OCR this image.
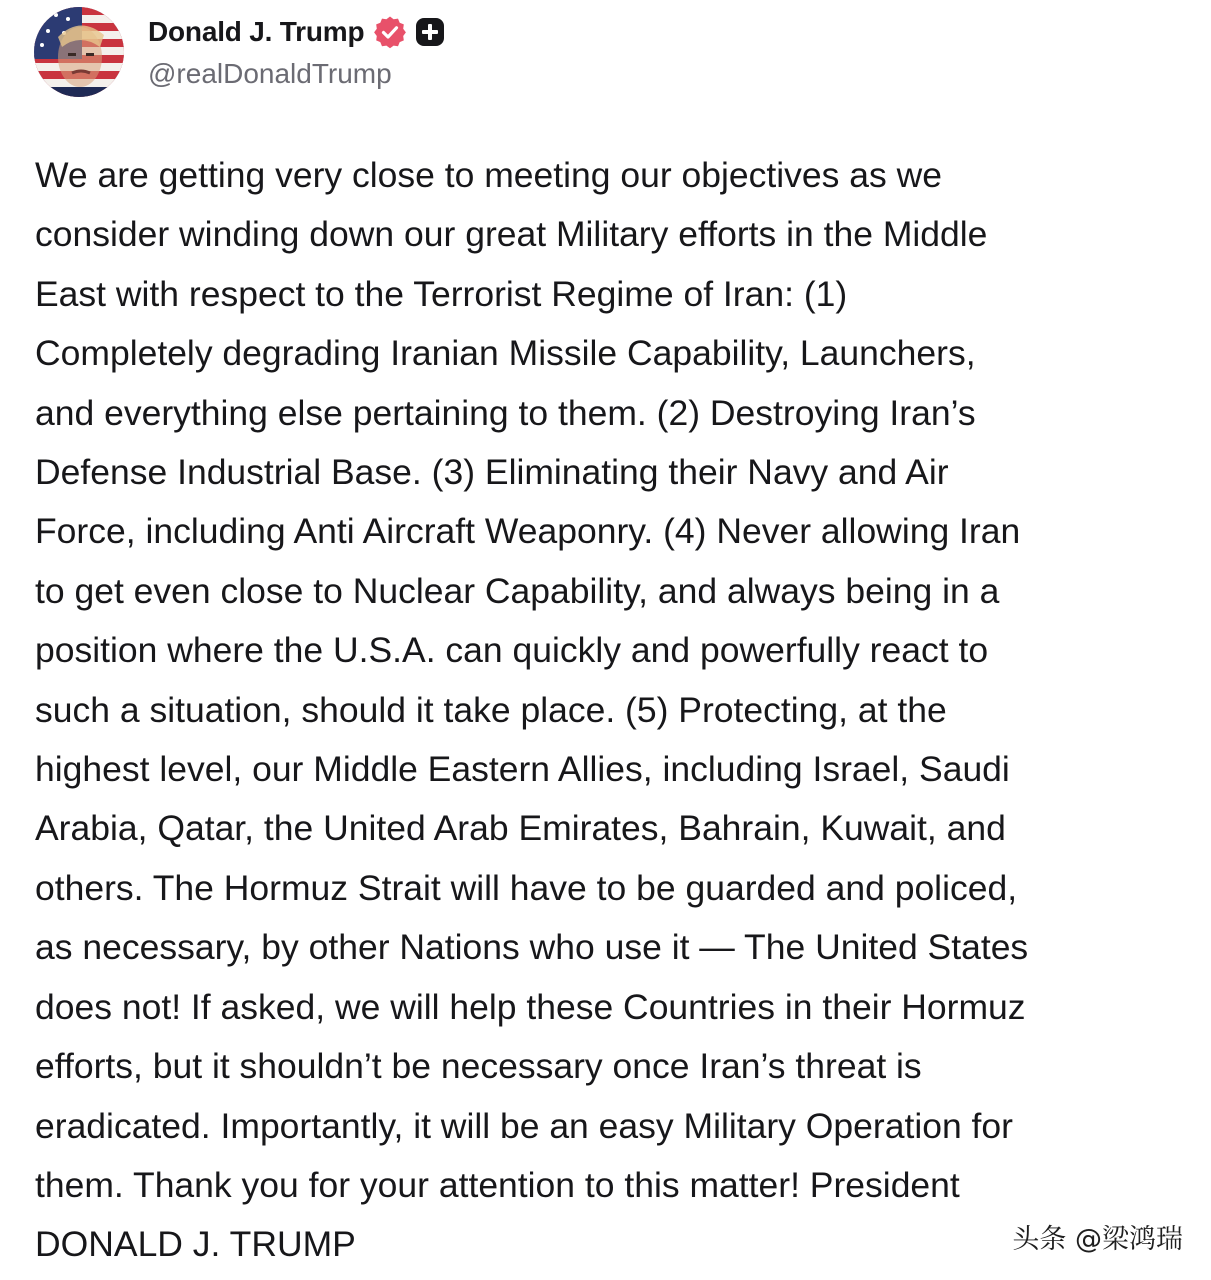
Donald J. Trump
@realDonaldTrump
We are getting very close to meeting our objectives as we
consider winding down our great Military efforts in the Middle
East with respect to the Terrorist Regime of Iran: (1)
Completely degrading Iranian Missile Capability, Launchers,
and everything else pertaining to them. (2) Destroying Iran’s
Defense Industrial Base. (3) Eliminating their Navy and Air
Force, including Anti Aircraft Weaponry. (4) Never allowing Iran
to get even close to Nuclear Capability, and always being in a
position where the U.S.A. can quickly and powerfully react to
such a situation, should it take place. (5) Protecting, at the
highest level, our Middle Eastern Allies, including Israel, Saudi
Arabia, Qatar, the United Arab Emirates, Bahrain, Kuwait, and
others. The Hormuz Strait will have to be guarded and policed,
as necessary, by other Nations who use it — The United States
does not! If asked, we will help these Countries in their Hormuz
efforts, but it shouldn’t be necessary once Iran’s threat is
eradicated. Importantly, it will be an easy Military Operation for
them. Thank you for your attention to this matter! President
DONALD J. TRUMP	头条 @梁鸿瑞
